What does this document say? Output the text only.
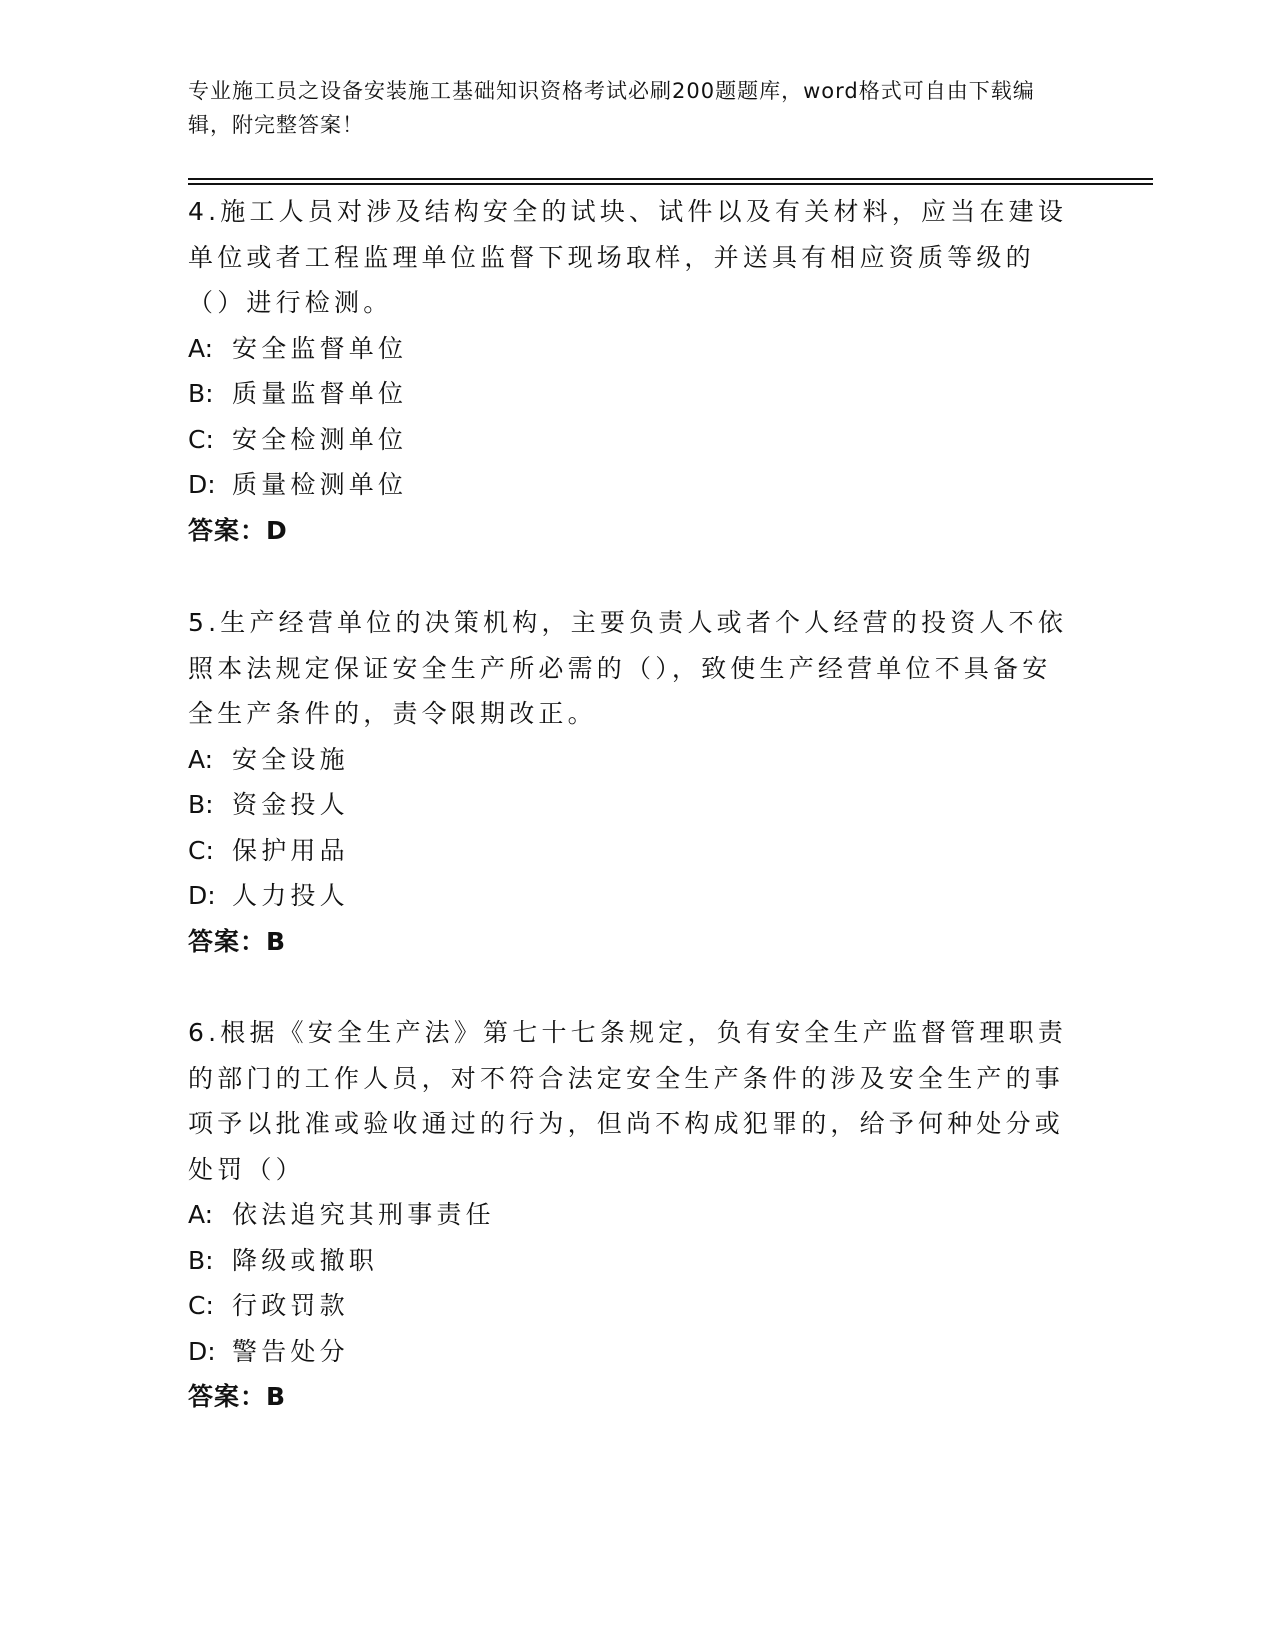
专业施工员之设备安装施工基础知识资格考试必刷200题题库，word格式可自由下载编辑，附完整答案！
4.施工人员对涉及结构安全的试块、试件以及有关材料，应当在建设单位或者工程监理单位监督下现场取样，并送具有相应资质等级的（）进行检测。
A: 安全监督单位
B: 质量监督单位
C: 安全检测单位
D: 质量检测单位
答案：D
5.生产经营单位的决策机构，主要负责人或者个人经营的投资人不依照本法规定保证安全生产所必需的（），致使生产经营单位不具备安全生产条件的，责令限期改正。
A: 安全设施
B: 资金投人
C: 保护用品
D: 人力投人
答案：B
6.根据《安全生产法》第七十七条规定，负有安全生产监督管理职责的部门的工作人员，对不符合法定安全生产条件的涉及安全生产的事项予以批准或验收通过的行为，但尚不构成犯罪的，给予何种处分或处罚（）
A: 依法追究其刑事责任
B: 降级或撤职
C: 行政罚款
D: 警告处分
答案：B
